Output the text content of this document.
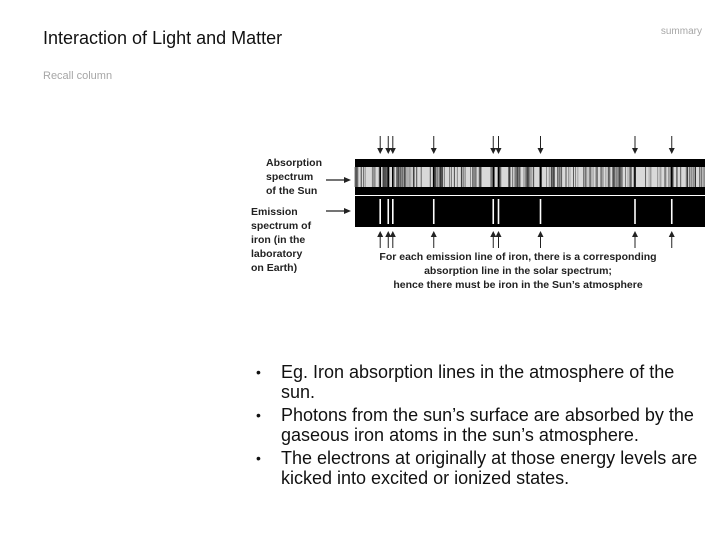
Interaction of Light and Matter	summary
Recall column
Absorption
spectrum
of the Sun
Emission
spectrum of
iron (in the
laboratory
on Earth)
For each emission line of iron, there is a corresponding
absorption line in the solar spectrum;
hence there must be iron in the Sun’s atmosphere
• Eg. Iron absorption lines in the atmosphere of the sun.
• Photons from the sun’s surface are absorbed by the gaseous iron atoms in the sun’s atmosphere.
• The electrons at originally at those energy levels are kicked into excited or ionized states.
